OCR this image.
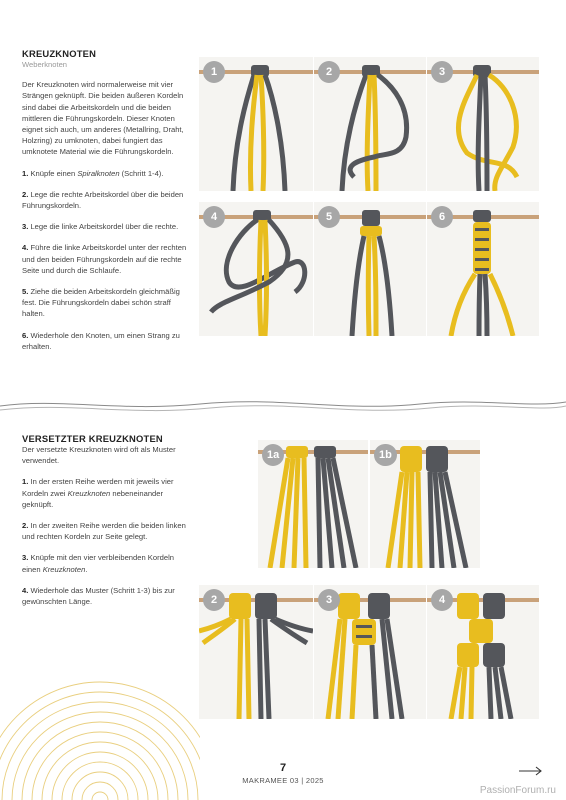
KREUZKNOTEN
Weberknoten

Der Kreuzknoten wird normalerweise mit vier Strängen geknüpft. Die beiden äußeren Kordeln sind dabei die Arbeitskordeln und die beiden mittleren die Führungskordeln. Dieser Knoten eignet sich auch, um anderes (Metallring, Draht, Holzring) zu umknoten, dabei fungiert das umknotete Material wie die Führungskordeln.

1. Knüpfe einen Spiralknoten (Schritt 1-4).

2. Lege die rechte Arbeitskordel über die beiden Führungskordeln.

3. Lege die linke Arbeitskordel über die rechte.

4. Führe die linke Arbeitskordel unter der rechten und den beiden Führungskordeln auf die rechte Seite und durch die Schlaufe.

5. Ziehe die beiden Arbeitskordeln gleichmäßig fest. Die Führungskordeln dabei schön straff halten.

6. Wiederhole den Knoten, um einen Strang zu erhalten.

1	2	3
4	5	6
VERSETZTER KREUZKNOTEN

Der versetzte Kreuzknoten wird oft als Muster verwendet.

1. In der ersten Reihe werden mit jeweils vier Kordeln zwei Kreuzknoten nebeneinander geknüpft.

2. In der zweiten Reihe werden die beiden linken und rechten Kordeln zur Seite gelegt.

3. Knüpfe mit den vier verbleibenden Kordeln einen Kreuzknoten.

4. Wiederhole das Muster (Schritt 1-3) bis zur gewünschten Länge.

1a	1b
2	3	4
7
MAKRAMEE 03 | 2025
PassionForum.ru
